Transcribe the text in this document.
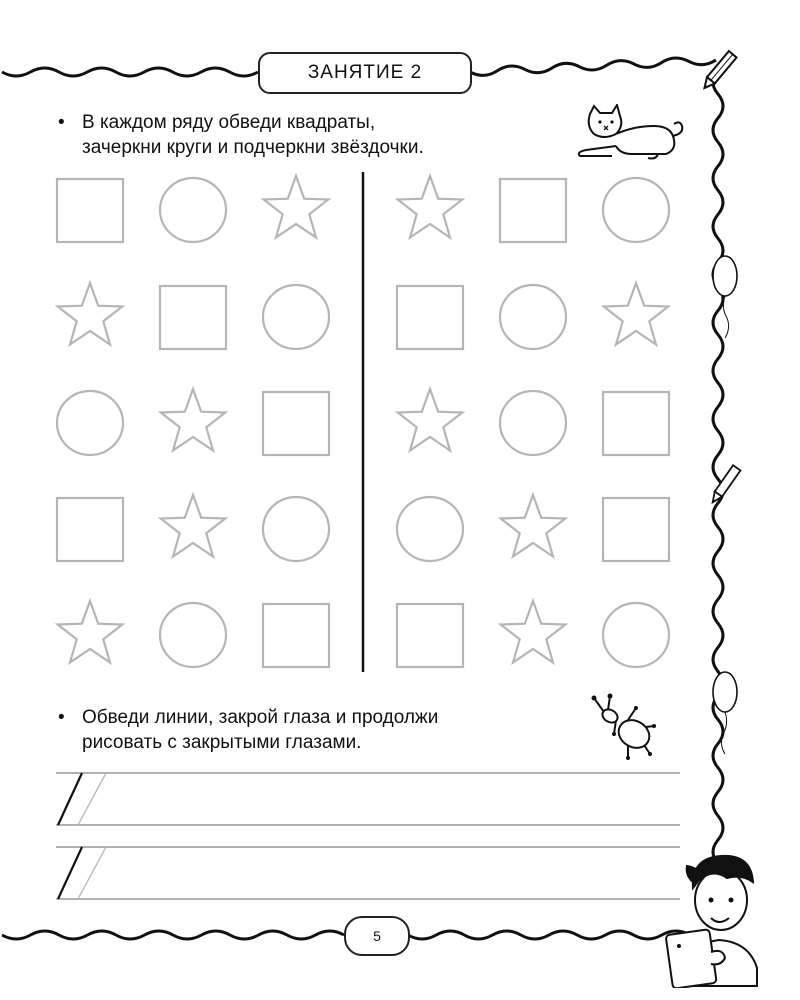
ЗАНЯТИЕ 2
• В каждом ряду обведи квадраты,
зачеркни круги и подчеркни звёздочки.
• Обведи линии, закрой глаза и продолжи
рисовать с закрытыми глазами.
5
